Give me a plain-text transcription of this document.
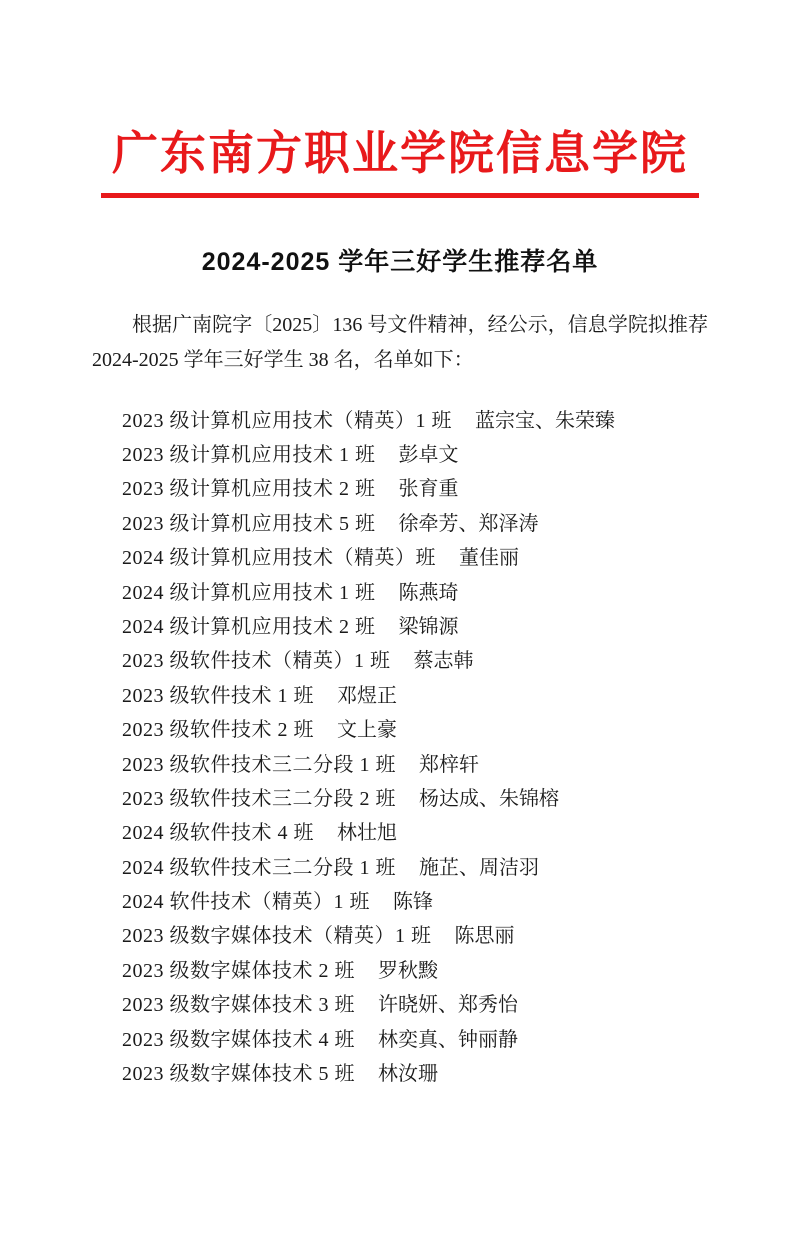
广东南方职业学院信息学院
2024-2025 学年三好学生推荐名单

根据广南院字〔2025〕136 号文件精神，经公示，信息学院拟推荐 2024-2025 学年三好学生 38 名，名单如下：

2023 级计算机应用技术（精英）1 班 蓝宗宝、朱荣臻
2023 级计算机应用技术 1 班 彭卓文
2023 级计算机应用技术 2 班 张育重
2023 级计算机应用技术 5 班 徐牵芳、郑泽涛
2024 级计算机应用技术（精英）班 董佳丽
2024 级计算机应用技术 1 班 陈燕琦
2024 级计算机应用技术 2 班 梁锦源
2023 级软件技术（精英）1 班 蔡志韩
2023 级软件技术 1 班 邓煜正
2023 级软件技术 2 班 文上豪
2023 级软件技术三二分段 1 班 郑梓轩
2023 级软件技术三二分段 2 班 杨达成、朱锦榕
2024 级软件技术 4 班 林壮旭
2024 级软件技术三二分段 1 班 施芷、周洁羽
2024 软件技术（精英）1 班 陈锋
2023 级数字媒体技术（精英）1 班 陈思丽
2023 级数字媒体技术 2 班 罗秋黢
2023 级数字媒体技术 3 班 许晓妍、郑秀怡
2023 级数字媒体技术 4 班 林奕真、钟丽静
2023 级数字媒体技术 5 班 林汝珊
